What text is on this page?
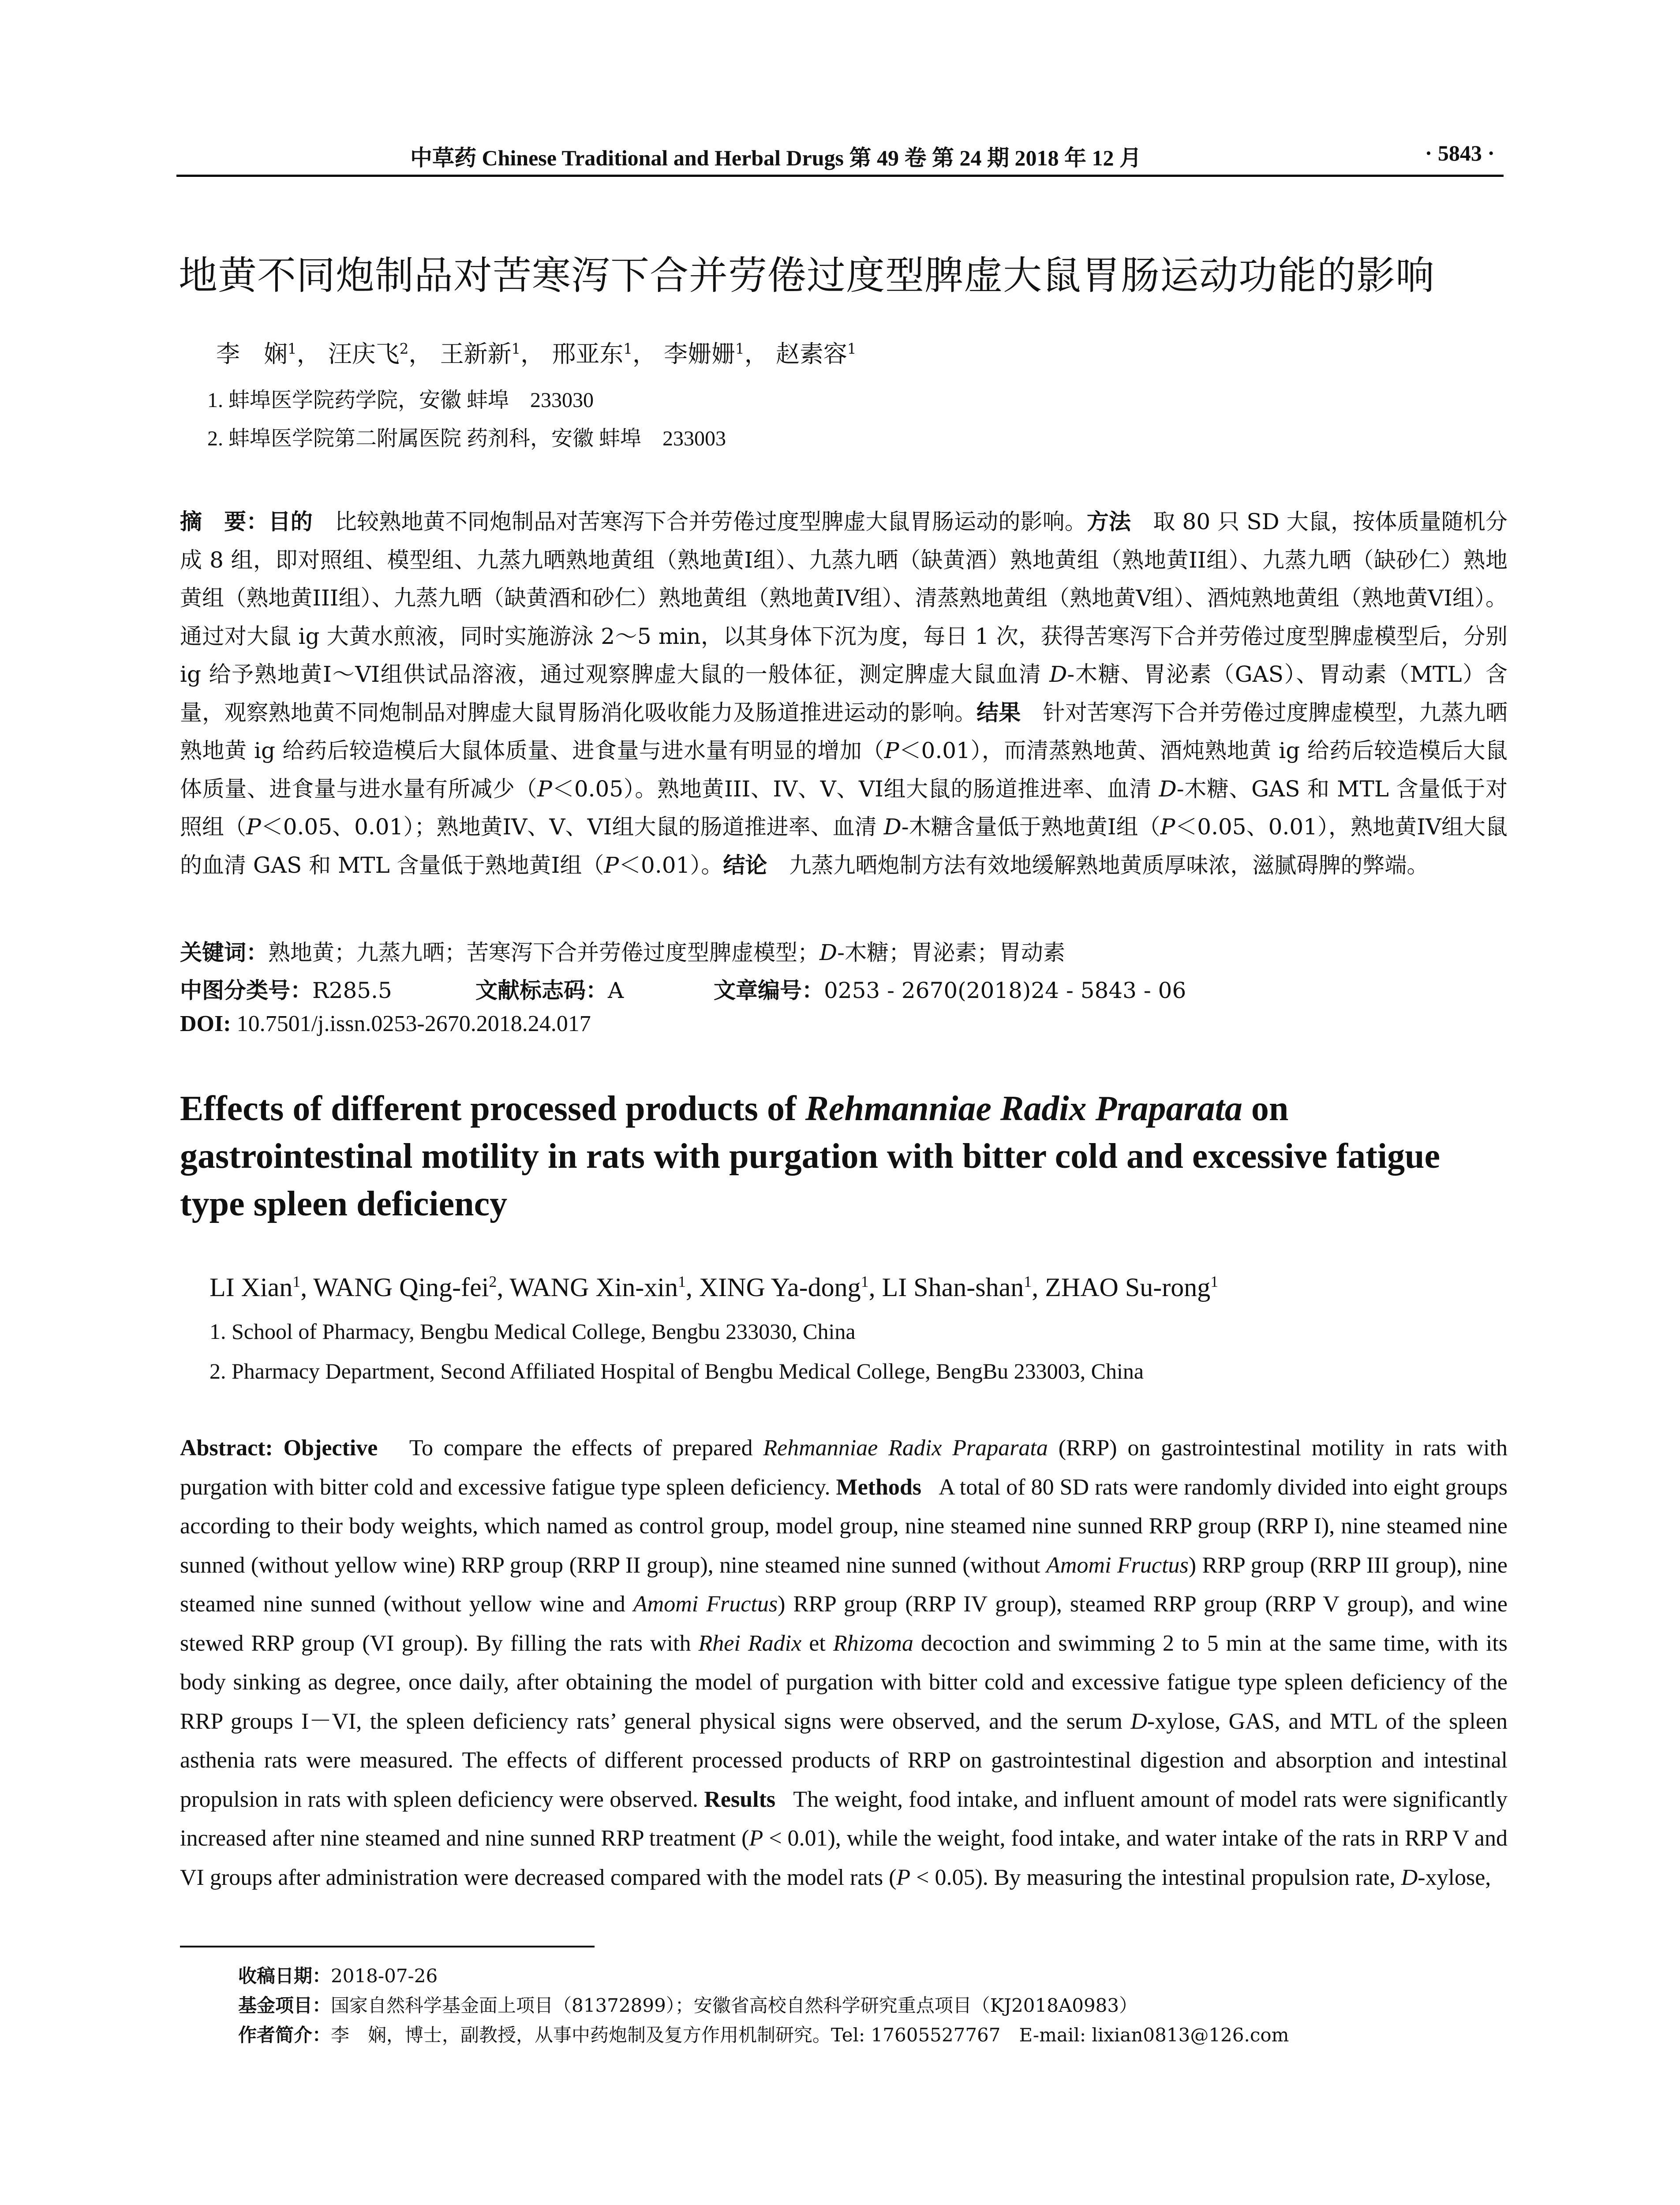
中草药 Chinese Traditional and Herbal Drugs 第 49 卷 第 24 期 2018 年 12 月	· 5843 ·
地黄不同炮制品对苦寒泻下合并劳倦过度型脾虚大鼠胃肠运动功能的影响
李　娴$^1$， 汪庆飞$^2$， 王新新$^1$， 邢亚东$^1$， 李姗姗$^1$， 赵素容$^1$
1. 蚌埠医学院药学院，安徽 蚌埠　233030
2. 蚌埠医学院第二附属医院 药剂科，安徽 蚌埠　233003
摘　要：目的　 比较熟地黄不同炮制品对苦寒泻下合并劳倦过度型脾虚大鼠胃肠运动的影响。方法　 取 80 只 SD 大鼠，按体质量随机分成 8 组，即对照组、模型组、九蒸九晒熟地黄组（熟地黄I组）、九蒸九晒（缺黄酒）熟地黄组（熟地黄II组）、九蒸九晒（缺砂仁）熟地黄组（熟地黄III组）、九蒸九晒（缺黄酒和砂仁）熟地黄组（熟地黄IV组）、清蒸熟地黄组（熟地黄V组）、酒炖熟地黄组（熟地黄VI组）。通过对大鼠 ig 大黄水煎液，同时实施游泳 2～5 min，以其身体下沉为度，每日 1 次，获得苦寒泻下合并劳倦过度型脾虚模型后，分别 ig 给予熟地黄I～VI组供试品溶液，通过观察脾虚大鼠的一般体征，测定脾虚大鼠血清 D-木糖、胃泌素（GAS）、胃动素（MTL）含量，观察熟地黄不同炮制品对脾虚大鼠胃肠消化吸收能力及肠道推进运动的影响。结果　 针对苦寒泻下合并劳倦过度脾虚模型，九蒸九晒熟地黄 ig 给药后较造模后大鼠体质量、进食量与进水量有明显的增加（P＜0.01），而清蒸熟地黄、酒炖熟地黄 ig 给药后较造模后大鼠体质量、进食量与进水量有所减少（P＜0.05）。熟地黄III、IV、V、VI组大鼠的肠道推进率、血清 D-木糖、GAS 和 MTL 含量低于对照组（P＜0.05、0.01）；熟地黄IV、V、VI组大鼠的肠道推进率、血清 D-木糖含量低于熟地黄I组（P＜0.05、0.01），熟地黄IV组大鼠的血清 GAS 和 MTL 含量低于熟地黄I组（P＜0.01）。结论　 九蒸九晒炮制方法有效地缓解熟地黄质厚味浓，滋腻碍脾的弊端。
关键词：熟地黄；九蒸九晒；苦寒泻下合并劳倦过度型脾虚模型；D-木糖；胃泌素；胃动素
中图分类号：R285.5	文献标志码：A	文章编号：0253 - 2670(2018)24 - 5843 - 06
DOI: 10.7501/j.issn.0253-2670.2018.24.017
Effects of different processed products of Rehmanniae Radix Praparata on gastrointestinal motility in rats with purgation with bitter cold and excessive fatigue type spleen deficiency
LI Xian$^1$, WANG Qing-fei$^2$, WANG Xin-xin$^1$, XING Ya-dong$^1$, LI Shan-shan$^1$, ZHAO Su-rong$^1$
1. School of Pharmacy, Bengbu Medical College, Bengbu 233030, China
2. Pharmacy Department, Second Affiliated Hospital of Bengbu Medical College, BengBu 233003, China
Abstract: Objective To compare the effects of prepared Rehmanniae Radix Praparata (RRP) on gastrointestinal motility in rats with purgation with bitter cold and excessive fatigue type spleen deficiency. Methods A total of 80 SD rats were randomly divided into eight groups according to their body weights, which named as control group, model group, nine steamed nine sunned RRP group (RRP I), nine steamed nine sunned (without yellow wine) RRP group (RRP II group), nine steamed nine sunned (without Amomi Fructus) RRP group (RRP III group), nine steamed nine sunned (without yellow wine and Amomi Fructus) RRP group (RRP IV group), steamed RRP group (RRP V group), and wine stewed RRP group (VI group). By filling the rats with Rhei Radix et Rhizoma decoction and swimming 2 to 5 min at the same time, with its body sinking as degree, once daily, after obtaining the model of purgation with bitter cold and excessive fatigue type spleen deficiency of the RRP groups I－VI, the spleen deficiency rats’ general physical signs were observed, and the serum D-xylose, GAS, and MTL of the spleen asthenia rats were measured. The effects of different processed products of RRP on gastrointestinal digestion and absorption and intestinal propulsion in rats with spleen deficiency were observed. Results The weight, food intake, and influent amount of model rats were significantly increased after nine steamed and nine sunned RRP treatment (P < 0.01), while the weight, food intake, and water intake of the rats in RRP V and VI groups after administration were decreased compared with the model rats (P < 0.05). By measuring the intestinal propulsion rate, D-xylose,
收稿日期：2018-07-26
基金项目：国家自然科学基金面上项目（81372899）；安徽省高校自然科学研究重点项目（KJ2018A0983）
作者简介：李　娴，博士，副教授，从事中药炮制及复方作用机制研究。Tel: 17605527767　E-mail: lixian0813@126.com
